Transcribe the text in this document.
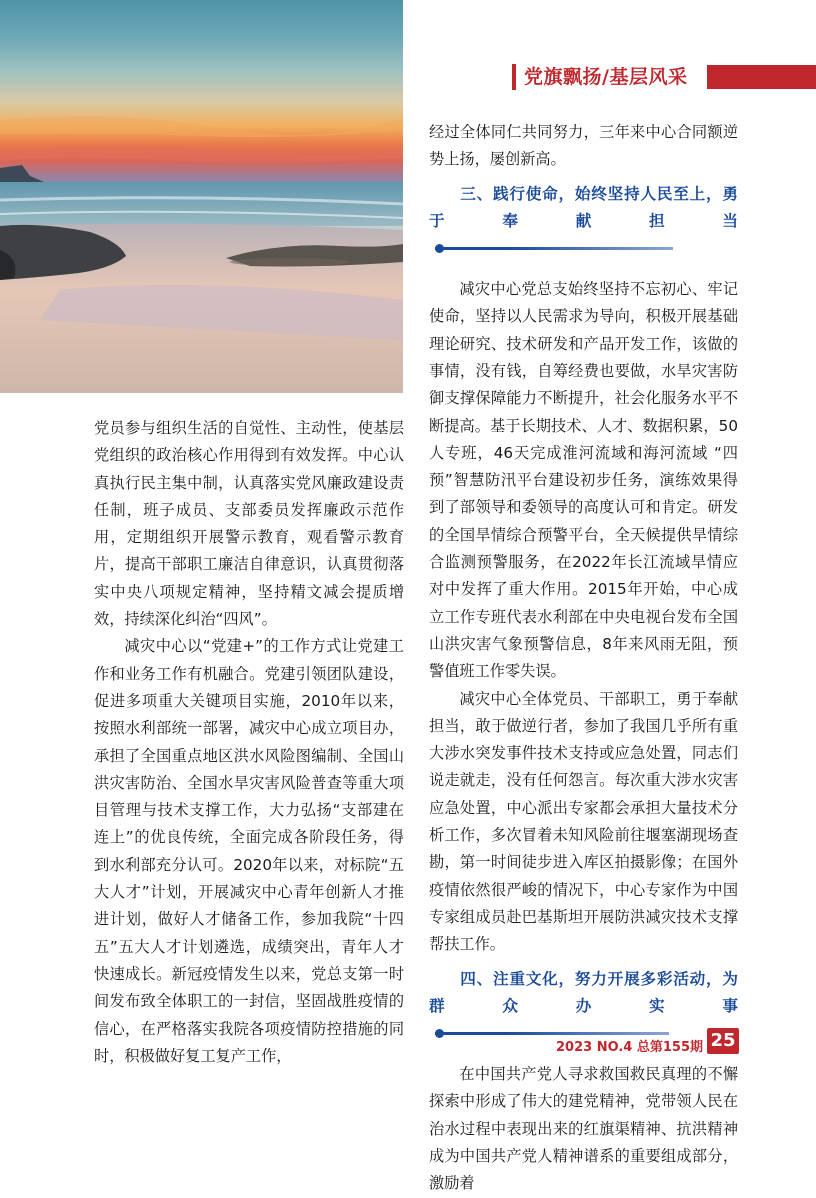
党旗飘扬/基层风采

党员参与组织生活的自觉性、主动性，使基层党组织的政治核心作用得到有效发挥。中心认真执行民主集中制，认真落实党风廉政建设责任制，班子成员、支部委员发挥廉政示范作用，定期组织开展警示教育，观看警示教育片，提高干部职工廉洁自律意识，认真贯彻落实中央八项规定精神，坚持精文减会提质增效，持续深化纠治“四风”。

减灾中心以“党建+”的工作方式让党建工作和业务工作有机融合。党建引领团队建设，促进多项重大关键项目实施，2010年以来，按照水利部统一部署，减灾中心成立项目办，承担了全国重点地区洪水风险图编制、全国山洪灾害防治、全国水旱灾害风险普查等重大项目管理与技术支撑工作，大力弘扬“支部建在连上”的优良传统，全面完成各阶段任务，得到水利部充分认可。2020年以来，对标院“五大人才”计划，开展减灾中心青年创新人才推进计划，做好人才储备工作，参加我院“十四五”五大人才计划遴选，成绩突出，青年人才快速成长。新冠疫情发生以来，党总支第一时间发布致全体职工的一封信，坚固战胜疫情的信心，在严格落实我院各项疫情防控措施的同时，积极做好复工复产工作，

经过全体同仁共同努力，三年来中心合同额逆势上扬，屡创新高。

三、践行使命，始终坚持人民至上，勇于奉献担当

减灾中心党总支始终坚持不忘初心、牢记使命，坚持以人民需求为导向，积极开展基础理论研究、技术研发和产品开发工作，该做的事情，没有钱，自筹经费也要做，水旱灾害防御支撑保障能力不断提升，社会化服务水平不断提高。基于长期技术、人才、数据积累，50人专班，46天完成淮河流域和海河流域 “四预”智慧防汛平台建设初步任务，演练效果得到了部领导和委领导的高度认可和肯定。研发的全国旱情综合预警平台，全天候提供旱情综合监测预警服务，在2022年长江流域旱情应对中发挥了重大作用。2015年开始，中心成立工作专班代表水利部在中央电视台发布全国山洪灾害气象预警信息，8年来风雨无阻，预警值班工作零失误。

减灾中心全体党员、干部职工，勇于奉献担当，敢于做逆行者，参加了我国几乎所有重大涉水突发事件技术支持或应急处置，同志们说走就走，没有任何怨言。每次重大涉水灾害应急处置，中心派出专家都会承担大量技术分析工作，多次冒着未知风险前往堰塞湖现场查勘，第一时间徒步进入库区拍摄影像；在国外疫情依然很严峻的情况下，中心专家作为中国专家组成员赴巴基斯坦开展防洪减灾技术支撑帮扶工作。

四、注重文化，努力开展多彩活动，为群众办实事

在中国共产党人寻求救国救民真理的不懈探索中形成了伟大的建党精神，党带领人民在治水过程中表现出来的红旗渠精神、抗洪精神成为中国共产党人精神谱系的重要组成部分，激励着

2023 NO.4 总第155期 25
